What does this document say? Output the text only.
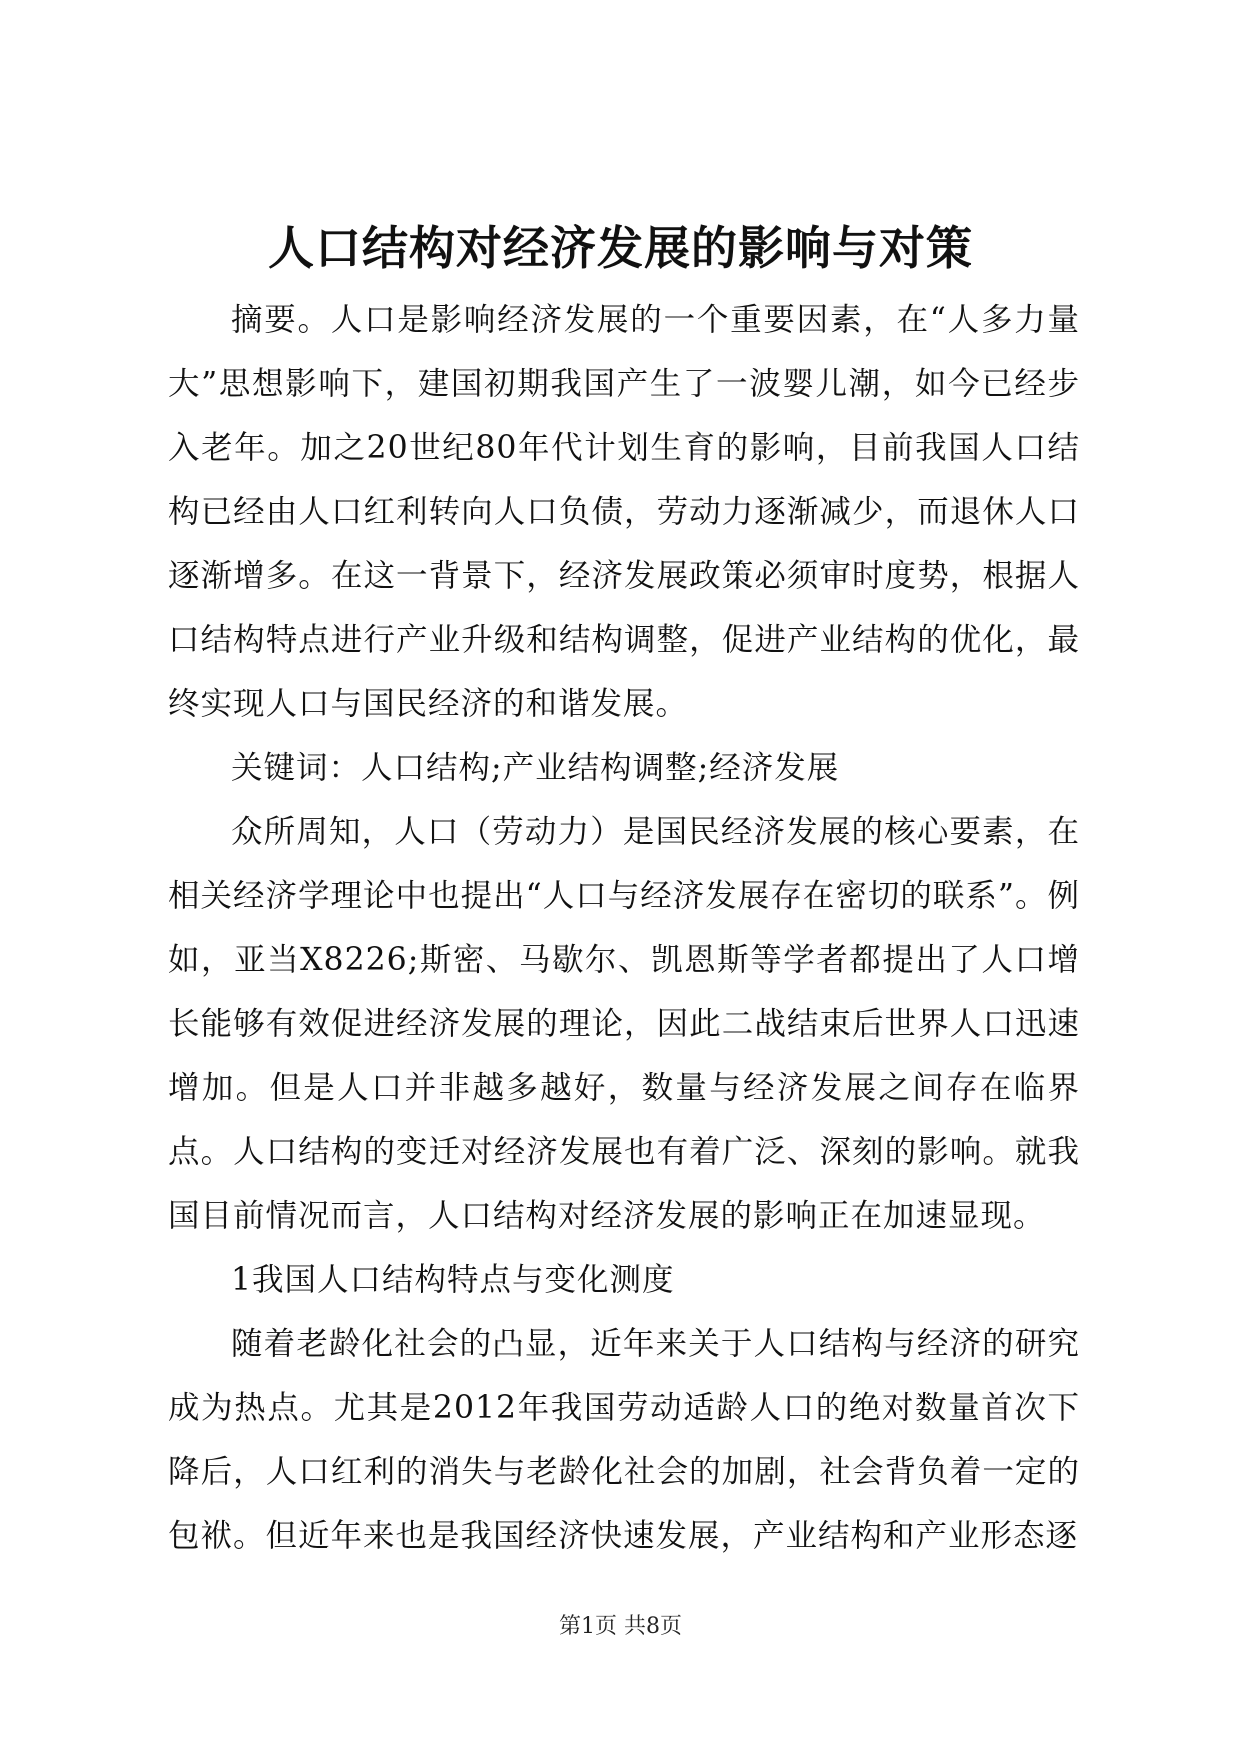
人口结构对经济发展的影响与对策

摘要。人口是影响经济发展的一个重要因素，在“人多力量大”思想影响下，建国初期我国产生了一波婴儿潮，如今已经步入老年。加之20世纪80年代计划生育的影响，目前我国人口结构已经由人口红利转向人口负债，劳动力逐渐减少，而退休人口逐渐增多。在这一背景下，经济发展政策必须审时度势，根据人口结构特点进行产业升级和结构调整，促进产业结构的优化，最终实现人口与国民经济的和谐发展。

关键词：人口结构;产业结构调整;经济发展

众所周知，人口（劳动力）是国民经济发展的核心要素，在相关经济学理论中也提出“人口与经济发展存在密切的联系”。例如，亚当X8226;斯密、马歇尔、凯恩斯等学者都提出了人口增长能够有效促进经济发展的理论，因此二战结束后世界人口迅速增加。但是人口并非越多越好，数量与经济发展之间存在临界点。人口结构的变迁对经济发展也有着广泛、深刻的影响。就我国目前情况而言，人口结构对经济发展的影响正在加速显现。

1我国人口结构特点与变化测度

随着老龄化社会的凸显，近年来关于人口结构与经济的研究成为热点。尤其是2012年我国劳动适龄人口的绝对数量首次下降后，人口红利的消失与老龄化社会的加剧，社会背负着一定的包袱。但近年来也是我国经济快速发展，产业结构和产业形态逐

第1页 共8页
